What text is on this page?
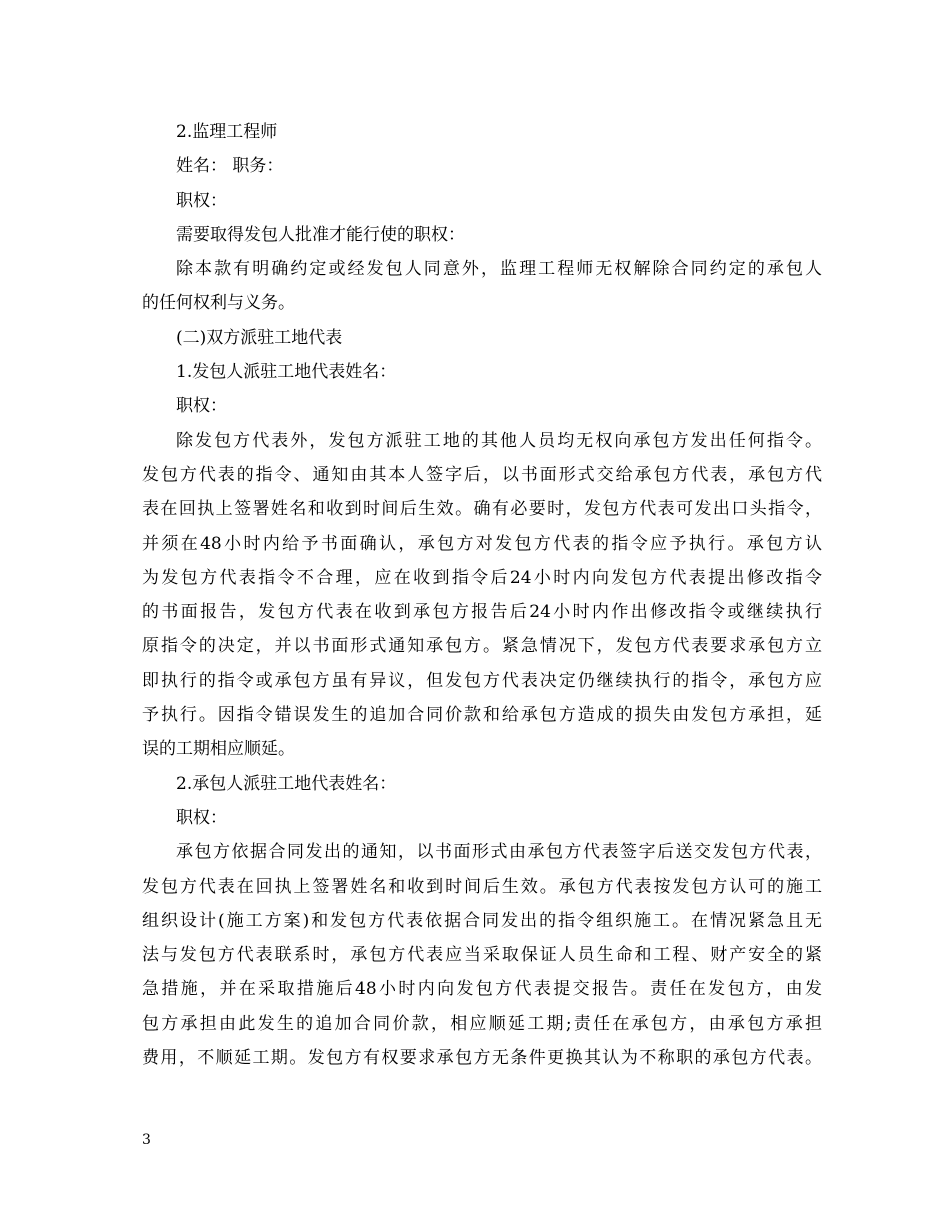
2.监理工程师
姓名： 职务：
职权：
需要取得发包人批准才能行使的职权：
除本款有明确约定或经发包人同意外，监理工程师无权解除合同约定的承包人
的任何权利与义务。
(二)双方派驻工地代表
1.发包人派驻工地代表姓名：
职权：
除发包方代表外，发包方派驻工地的其他人员均无权向承包方发出任何指令。
发包方代表的指令、通知由其本人签字后，以书面形式交给承包方代表，承包方代
表在回执上签署姓名和收到时间后生效。确有必要时，发包方代表可发出口头指令，
并须在48小时内给予书面确认，承包方对发包方代表的指令应予执行。承包方认
为发包方代表指令不合理，应在收到指令后24小时内向发包方代表提出修改指令
的书面报告，发包方代表在收到承包方报告后24小时内作出修改指令或继续执行
原指令的决定，并以书面形式通知承包方。紧急情况下，发包方代表要求承包方立
即执行的指令或承包方虽有异议，但发包方代表决定仍继续执行的指令，承包方应
予执行。因指令错误发生的追加合同价款和给承包方造成的损失由发包方承担，延
误的工期相应顺延。
2.承包人派驻工地代表姓名：
职权：
承包方依据合同发出的通知，以书面形式由承包方代表签字后送交发包方代表，
发包方代表在回执上签署姓名和收到时间后生效。承包方代表按发包方认可的施工
组织设计(施工方案)和发包方代表依据合同发出的指令组织施工。在情况紧急且无
法与发包方代表联系时，承包方代表应当采取保证人员生命和工程、财产安全的紧
急措施，并在采取措施后48小时内向发包方代表提交报告。责任在发包方，由发
包方承担由此发生的追加合同价款，相应顺延工期;责任在承包方，由承包方承担
费用，不顺延工期。发包方有权要求承包方无条件更换其认为不称职的承包方代表。
3
